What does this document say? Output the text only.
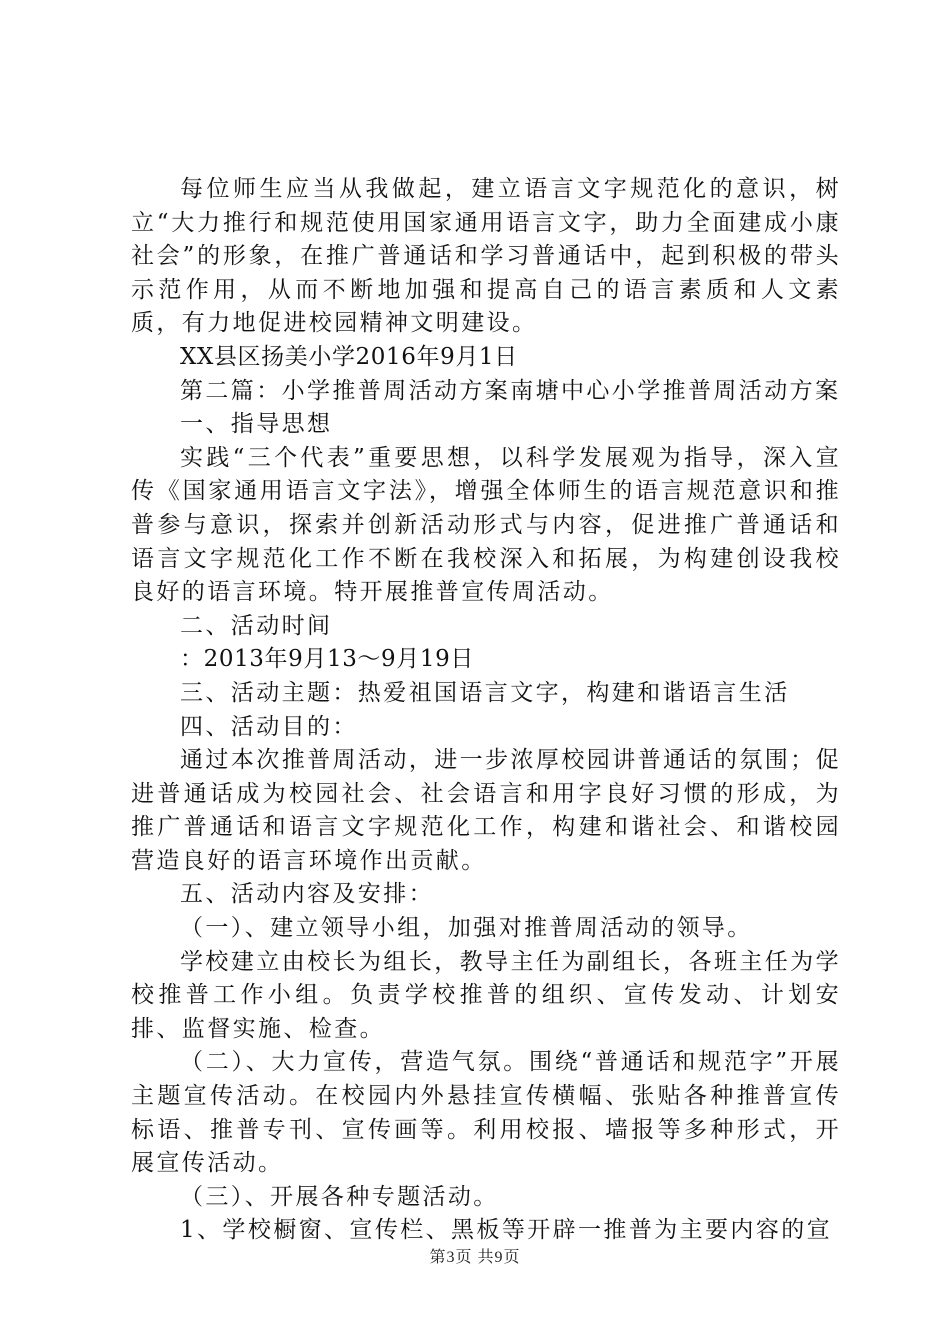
每位师生应当从我做起，建立语言文字规范化的意识，树立“大力推行和规范使用国家通用语言文字，助力全面建成小康社会”的形象，在推广普通话和学习普通话中，起到积极的带头示范作用，从而不断地加强和提高自己的语言素质和人文素质，有力地促进校园精神文明建设。

XX县区扬美小学2016年9月1日

第二篇：小学推普周活动方案南塘中心小学推普周活动方案

一、指导思想

实践“三个代表”重要思想，以科学发展观为指导，深入宣传《国家通用语言文字法》，增强全体师生的语言规范意识和推普参与意识，探索并创新活动形式与内容，促进推广普通话和语言文字规范化工作不断在我校深入和拓展，为构建创设我校良好的语言环境。特开展推普宣传周活动。

二、活动时间

：2013年9月13～9月19日

三、活动主题：热爱祖国语言文字，构建和谐语言生活

四、活动目的：

通过本次推普周活动，进一步浓厚校园讲普通话的氛围；促进普通话成为校园社会、社会语言和用字良好习惯的形成，为推广普通话和语言文字规范化工作，构建和谐社会、和谐校园营造良好的语言环境作出贡献。

五、活动内容及安排：

（一）、建立领导小组，加强对推普周活动的领导。

学校建立由校长为组长，教导主任为副组长，各班主任为学校推普工作小组。负责学校推普的组织、宣传发动、计划安排、监督实施、检查。

（二）、大力宣传，营造气氛。围绕“普通话和规范字”开展主题宣传活动。在校园内外悬挂宣传横幅、张贴各种推普宣传标语、推普专刊、宣传画等。利用校报、墙报等多种形式，开展宣传活动。

（三）、开展各种专题活动。

1、学校橱窗、宣传栏、黑板等开辟一推普为主要内容的宣

第3页 共9页
